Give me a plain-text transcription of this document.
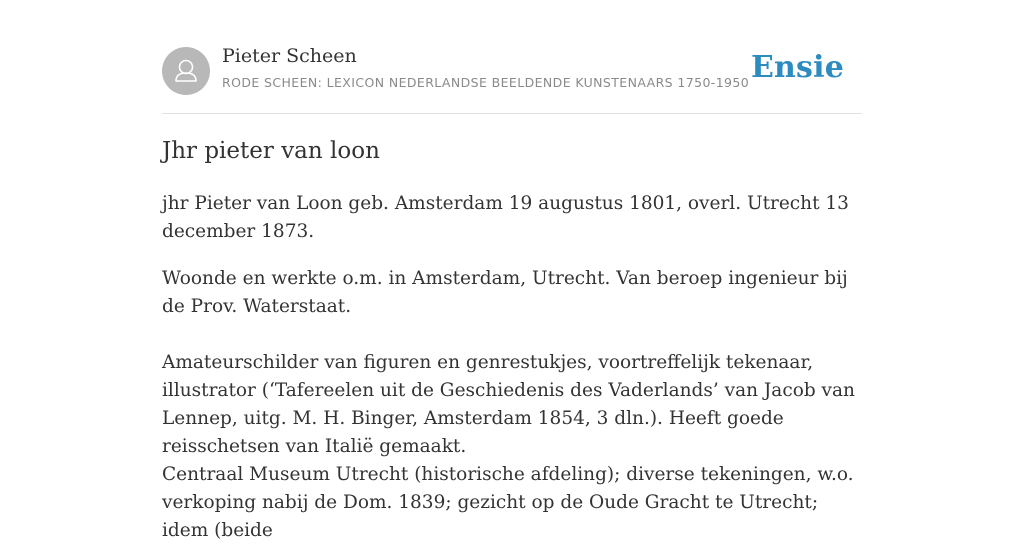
Pieter Scheen
RODE SCHEEN: LEXICON NEDERLANDSE BEELDENDE KUNSTENAARS 1750-1950 Ensie
Jhr pieter van loon

jhr Pieter van Loon geb. Amsterdam 19 augustus 1801, overl. Utrecht 13 december 1873.

Woonde en werkte o.m. in Amsterdam, Utrecht. Van beroep ingenieur bij de Prov. Waterstaat.

Amateurschilder van figuren en genrestukjes, voortreffelijk tekenaar, illustrator (‘Tafereelen uit de Geschiedenis des Vaderlands’ van Jacob van Lennep, uitg. M. H. Binger, Amsterdam 1854, 3 dln.). Heeft goede reisschetsen van Italië gemaakt.

Centraal Museum Utrecht (historische afdeling); diverse tekeningen, w.o. verkoping nabij de Dom. 1839; gezicht op de Oude Gracht te Utrecht; idem (beide
